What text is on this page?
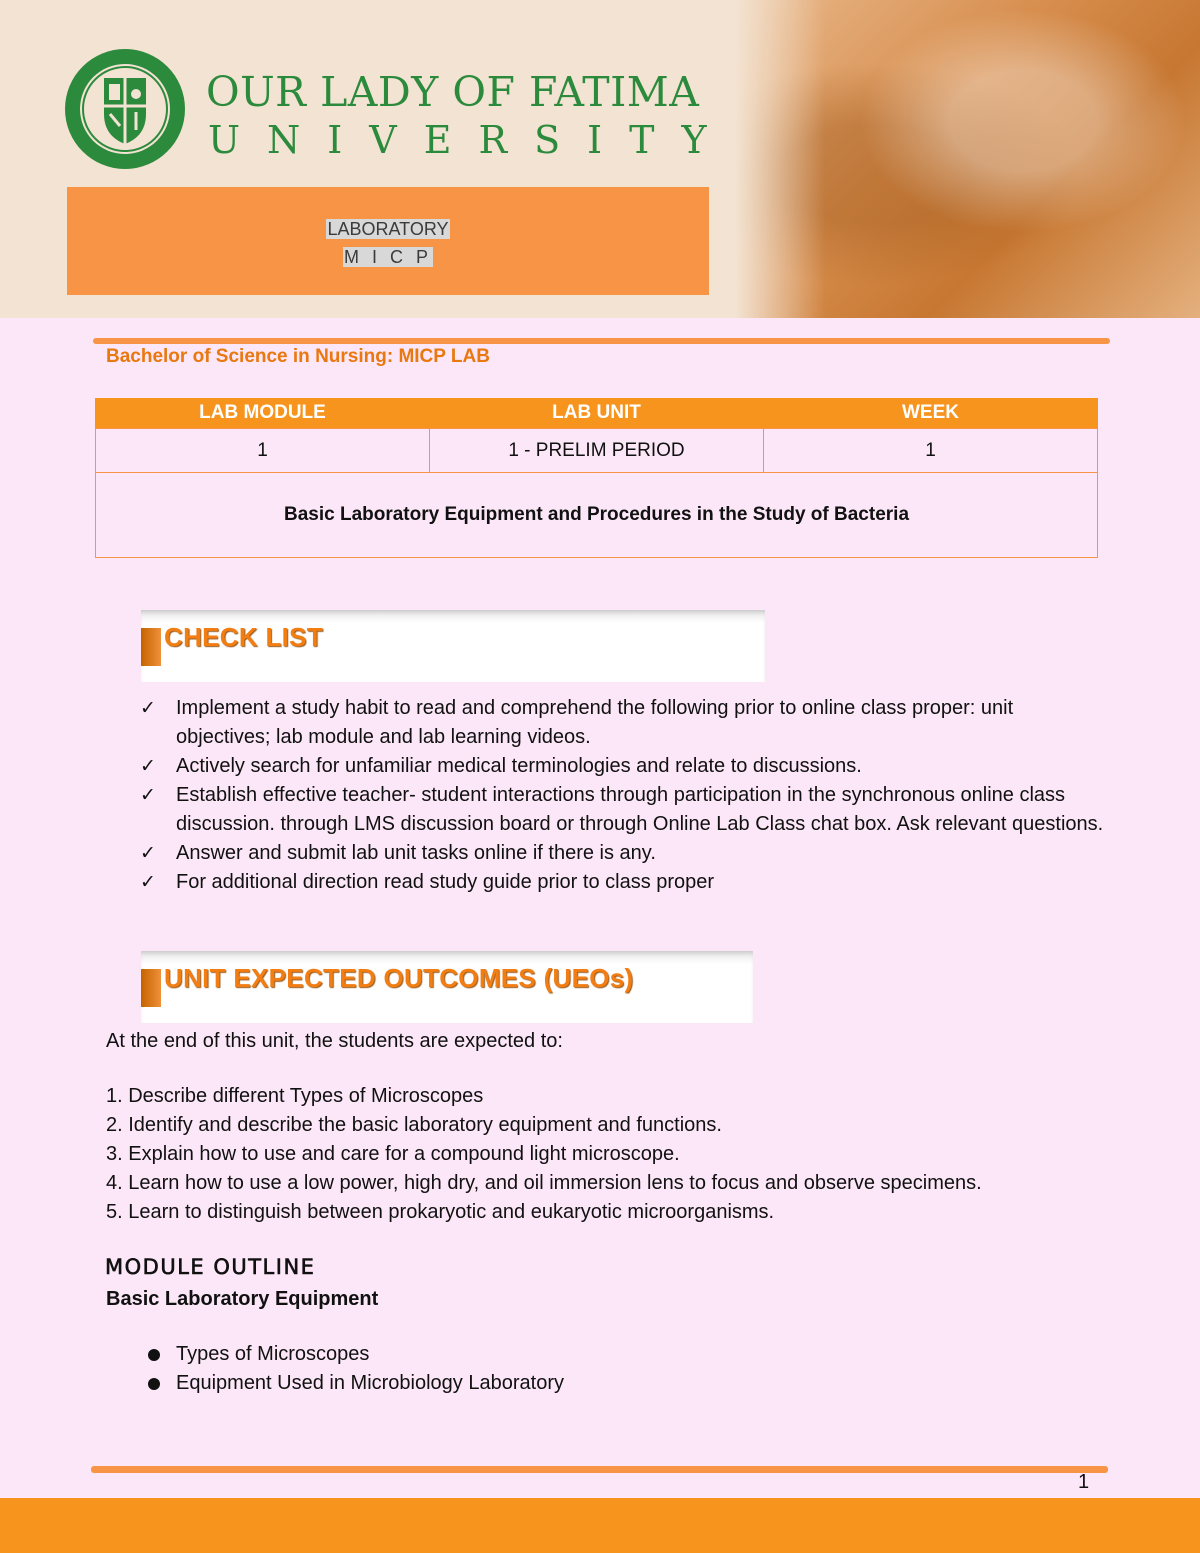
OUR LADY OF FATIMA
UNIVERSITY
LABORATORY
M I C P

Bachelor of Science in Nursing: MICP LAB

LAB MODULE	LAB UNIT	WEEK
1	1 - PRELIM PERIOD	1
Basic Laboratory Equipment and Procedures in the Study of Bacteria		
CHECK LIST
✓ Implement a study habit to read and comprehend the following prior to online class proper: unit objectives; lab module and lab learning videos.
✓ Actively search for unfamiliar medical terminologies and relate to discussions.
✓ Establish effective teacher- student interactions through participation in the synchronous online class discussion. through LMS discussion board or through Online Lab Class chat box. Ask relevant questions.
✓ Answer and submit lab unit tasks online if there is any.
✓ For additional direction read study guide prior to class proper
UNIT EXPECTED OUTCOMES (UEOs)

At the end of this unit, the students are expected to:

1. Describe different Types of Microscopes
2. Identify and describe the basic laboratory equipment and functions.
3. Explain how to use and care for a compound light microscope.
4. Learn how to use a low power, high dry, and oil immersion lens to focus and observe specimens.
5. Learn to distinguish between prokaryotic and eukaryotic microorganisms.
MODULE OUTLINE

Basic Laboratory Equipment

Types of Microscopes
Equipment Used in Microbiology Laboratory

1
